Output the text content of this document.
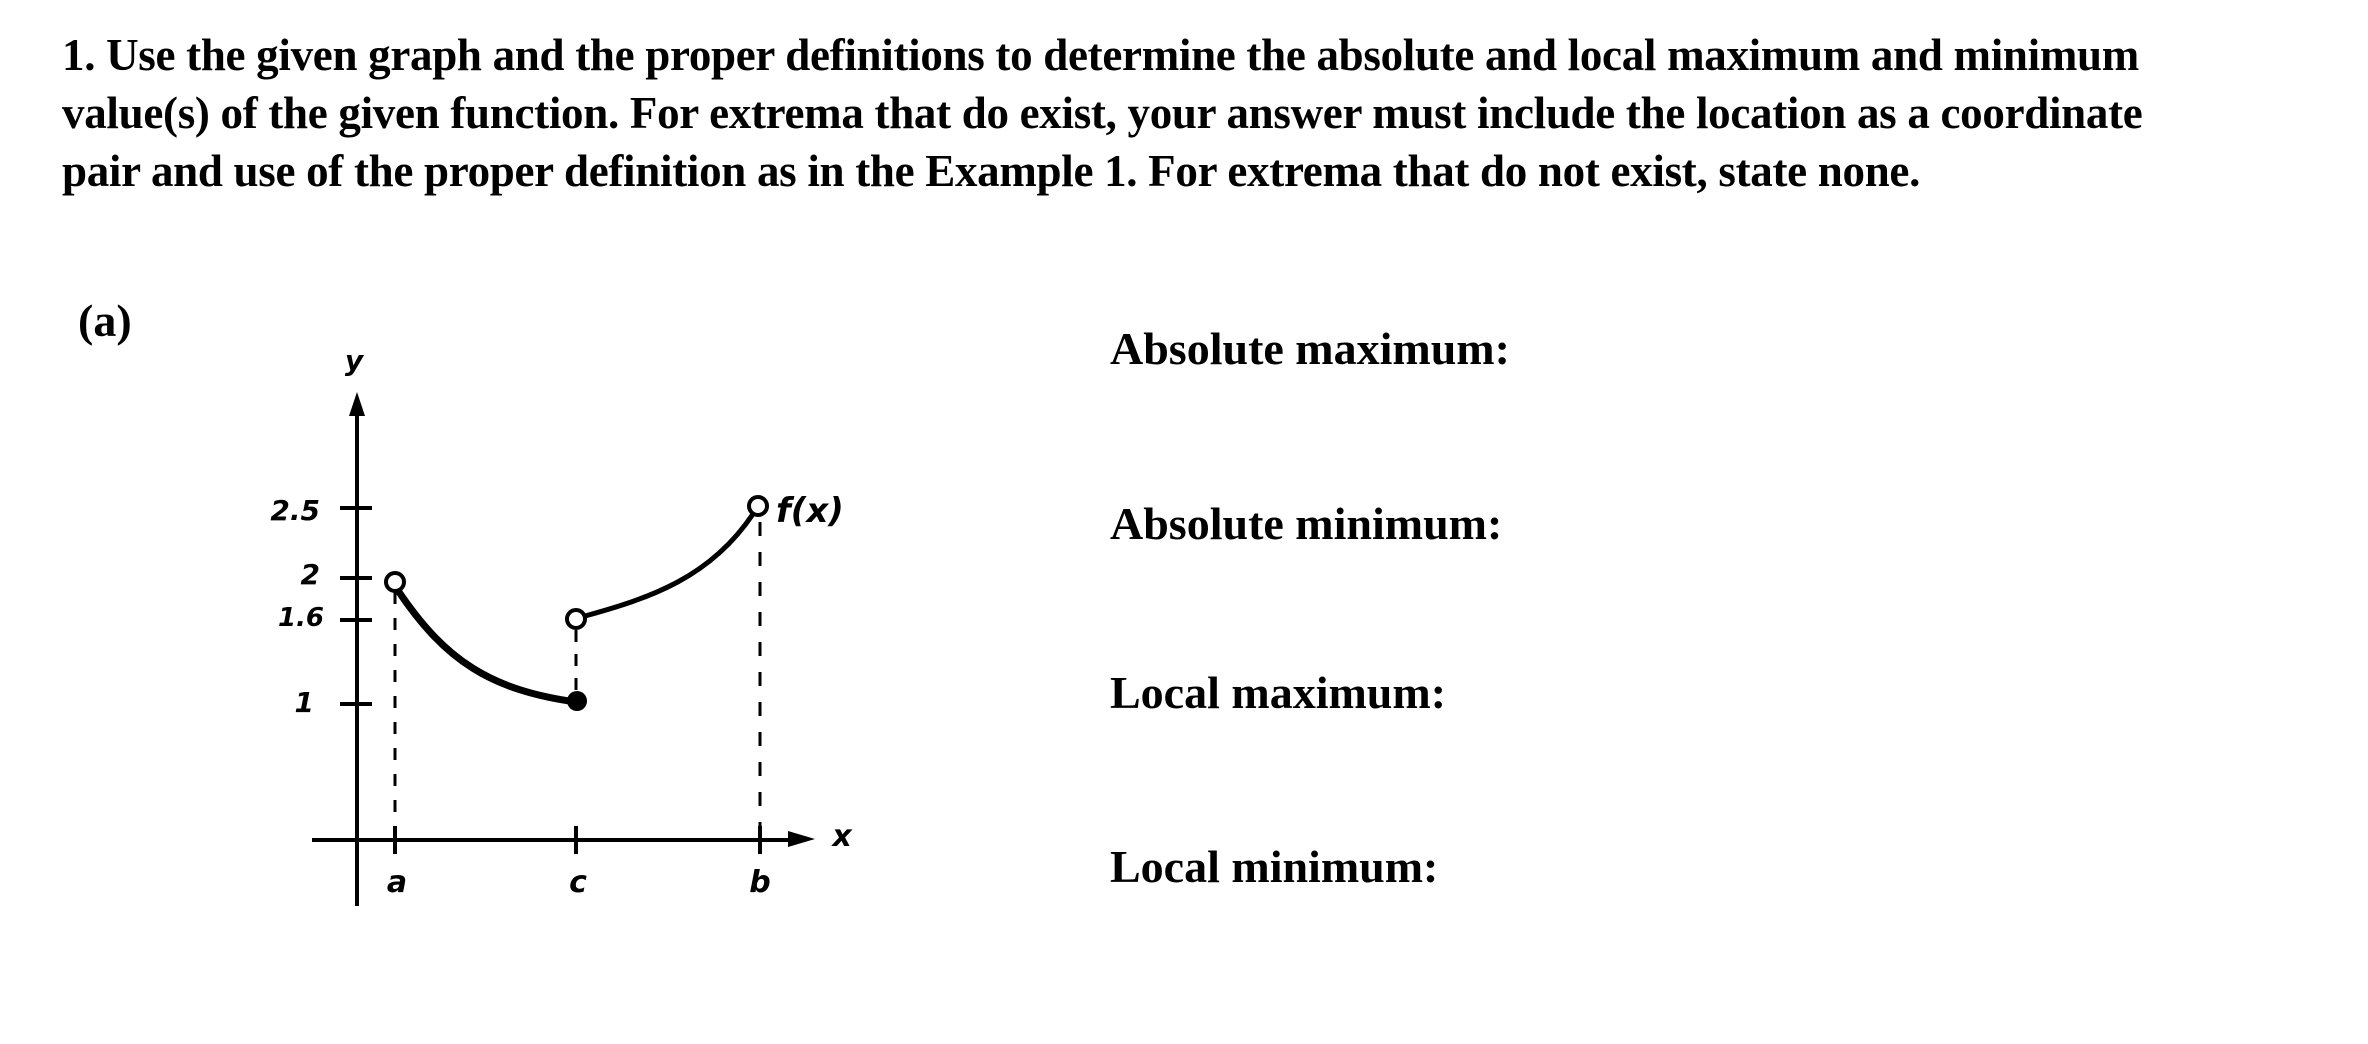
1. Use the given graph and the proper definitions to determine the absolute and local maximum and minimum
value(s) of the given function. For extrema that do exist, your answer must include the location as a coordinate
pair and use of the proper definition as in the Example 1. For extrema that do not exist, state none.
(a)
y
x
2.5
2
1.6
1
a	c	b
f(x)
Absolute maximum:
Absolute minimum:
Local maximum:
Local minimum:
